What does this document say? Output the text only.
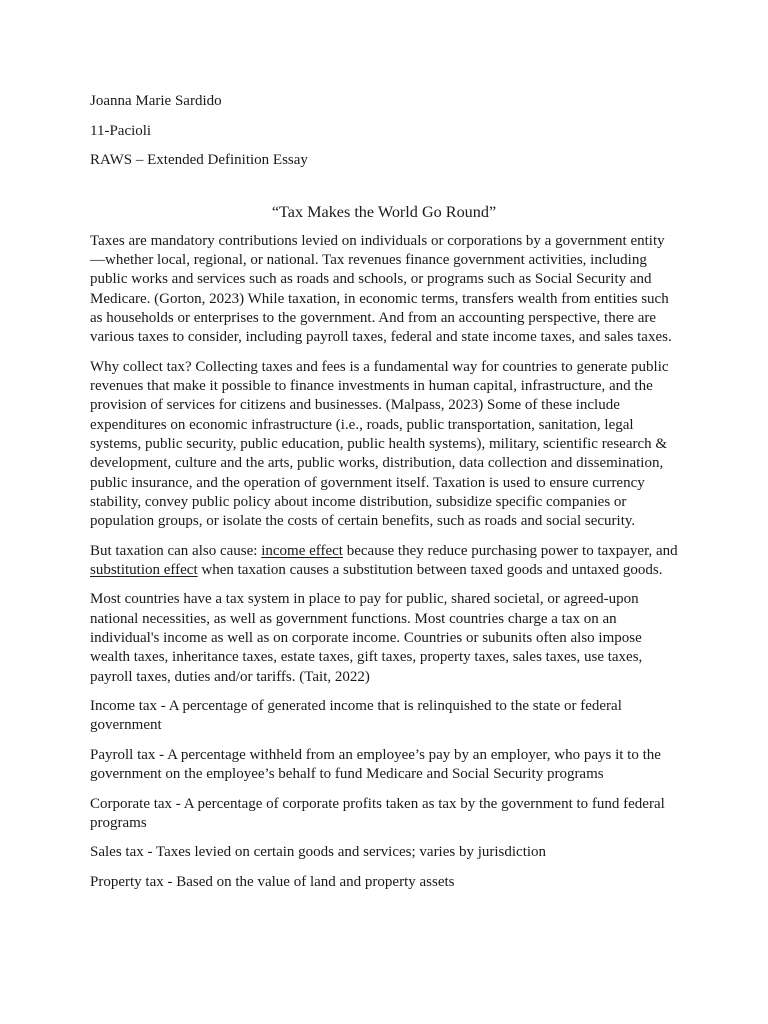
Joanna Marie Sardido

11-Pacioli

RAWS – Extended Definition Essay

“Tax Makes the World Go Round”

Taxes are mandatory contributions levied on individuals or corporations by a government entity —whether local, regional, or national. Tax revenues finance government activities, including public works and services such as roads and schools, or programs such as Social Security and Medicare. (Gorton, 2023) While taxation, in economic terms, transfers wealth from entities such as households or enterprises to the government. And from an accounting perspective, there are various taxes to consider, including payroll taxes, federal and state income taxes, and sales taxes.

Why collect tax? Collecting taxes and fees is a fundamental way for countries to generate public revenues that make it possible to finance investments in human capital, infrastructure, and the provision of services for citizens and businesses. (Malpass, 2023) Some of these include expenditures on economic infrastructure (i.e., roads, public transportation, sanitation, legal systems, public security, public education, public health systems), military, scientific research & development, culture and the arts, public works, distribution, data collection and dissemination, public insurance, and the operation of government itself. Taxation is used to ensure currency stability, convey public policy about income distribution, subsidize specific companies or population groups, or isolate the costs of certain benefits, such as roads and social security.

But taxation can also cause: income effect because they reduce purchasing power to taxpayer, and substitution effect when taxation causes a substitution between taxed goods and untaxed goods.

Most countries have a tax system in place to pay for public, shared societal, or agreed-upon national necessities, as well as government functions. Most countries charge a tax on an individual's income as well as on corporate income. Countries or subunits often also impose wealth taxes, inheritance taxes, estate taxes, gift taxes, property taxes, sales taxes, use taxes, payroll taxes, duties and/or tariffs. (Tait, 2022)

Income tax - A percentage of generated income that is relinquished to the state or federal government

Payroll tax - A percentage withheld from an employee’s pay by an employer, who pays it to the government on the employee’s behalf to fund Medicare and Social Security programs

Corporate tax - A percentage of corporate profits taken as tax by the government to fund federal programs

Sales tax - Taxes levied on certain goods and services; varies by jurisdiction

Property tax - Based on the value of land and property assets
